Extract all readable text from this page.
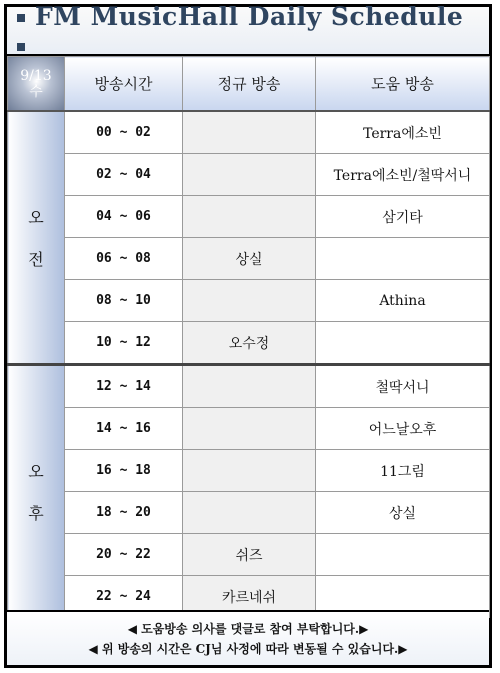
FM MusicHall Daily Schedule
9/13
수	방송시간	정규 방송	도움 방송

오

전	00 ~ 02		Terra에소빈
	02 ~ 04		Terra에소빈/철딱서니
	04 ~ 06		삼기타
	06 ~ 08	상실	
	08 ~ 10		Athina
	10 ~ 12	오수정	

오

후	12 ~ 14		철딱서니
	14 ~ 16		어느날오후
	16 ~ 18		11그림
	18 ~ 20		상실
	20 ~ 22	쉬즈	
	22 ~ 24	카르네쉬	
◀ 도움방송 의사를 댓글로 참여 부탁합니다.▶
◀ 위 방송의 시간은 CJ님 사정에 따라 변동될 수 있습니다.▶
